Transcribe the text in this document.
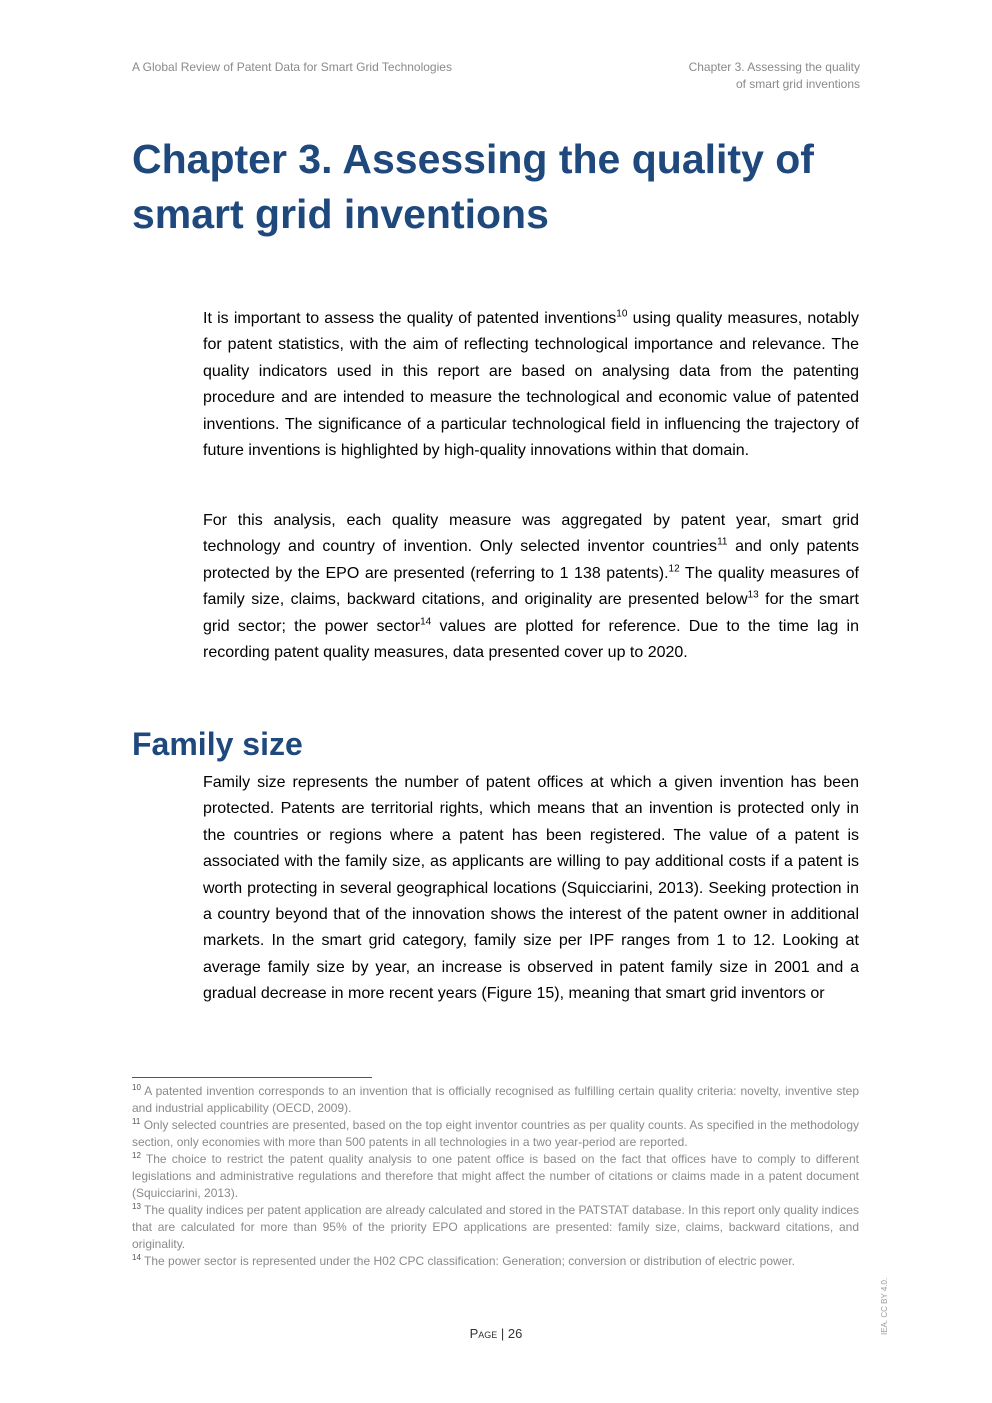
A Global Review of Patent Data for Smart Grid Technologies	Chapter 3. Assessing the quality
of smart grid inventions
Chapter 3. Assessing the quality of smart grid inventions

It is important to assess the quality of patented inventions$^{10}$ using quality measures, notably for patent statistics, with the aim of reflecting technological importance and relevance. The quality indicators used in this report are based on analysing data from the patenting procedure and are intended to measure the technological and economic value of patented inventions. The significance of a particular technological field in influencing the trajectory of future inventions is highlighted by high-quality innovations within that domain.

For this analysis, each quality measure was aggregated by patent year, smart grid technology and country of invention. Only selected inventor countries$^{11}$ and only patents protected by the EPO are presented (referring to 1 138 patents).$^{12}$ The quality measures of family size, claims, backward citations, and originality are presented below$^{13}$ for the smart grid sector; the power sector$^{14}$ values are plotted for reference. Due to the time lag in recording patent quality measures, data presented cover up to 2020.

Family size

Family size represents the number of patent offices at which a given invention has been protected. Patents are territorial rights, which means that an invention is protected only in the countries or regions where a patent has been registered. The value of a patent is associated with the family size, as applicants are willing to pay additional costs if a patent is worth protecting in several geographical locations (Squicciarini, 2013). Seeking protection in a country beyond that of the innovation shows the interest of the patent owner in additional markets. In the smart grid category, family size per IPF ranges from 1 to 12. Looking at average family size by year, an increase is observed in patent family size in 2001 and a gradual decrease in more recent years (Figure 15), meaning that smart grid inventors or

$^{10}$ A patented invention corresponds to an invention that is officially recognised as fulfilling certain quality criteria: novelty, inventive step and industrial applicability (OECD, 2009).

$^{11}$ Only selected countries are presented, based on the top eight inventor countries as per quality counts. As specified in the methodology section, only economies with more than 500 patents in all technologies in a two year-period are reported.

$^{12}$ The choice to restrict the patent quality analysis to one patent office is based on the fact that offices have to comply to different legislations and administrative regulations and therefore that might affect the number of citations or claims made in a patent document (Squicciarini, 2013).

$^{13}$ The quality indices per patent application are already calculated and stored in the PATSTAT database. In this report only quality indices that are calculated for more than 95% of the priority EPO applications are presented: family size, claims, backward citations, and originality.

$^{14}$ The power sector is represented under the H02 CPC classification: Generation; conversion or distribution of electric power.

Page | 26	IEA. CC BY 4.0.
